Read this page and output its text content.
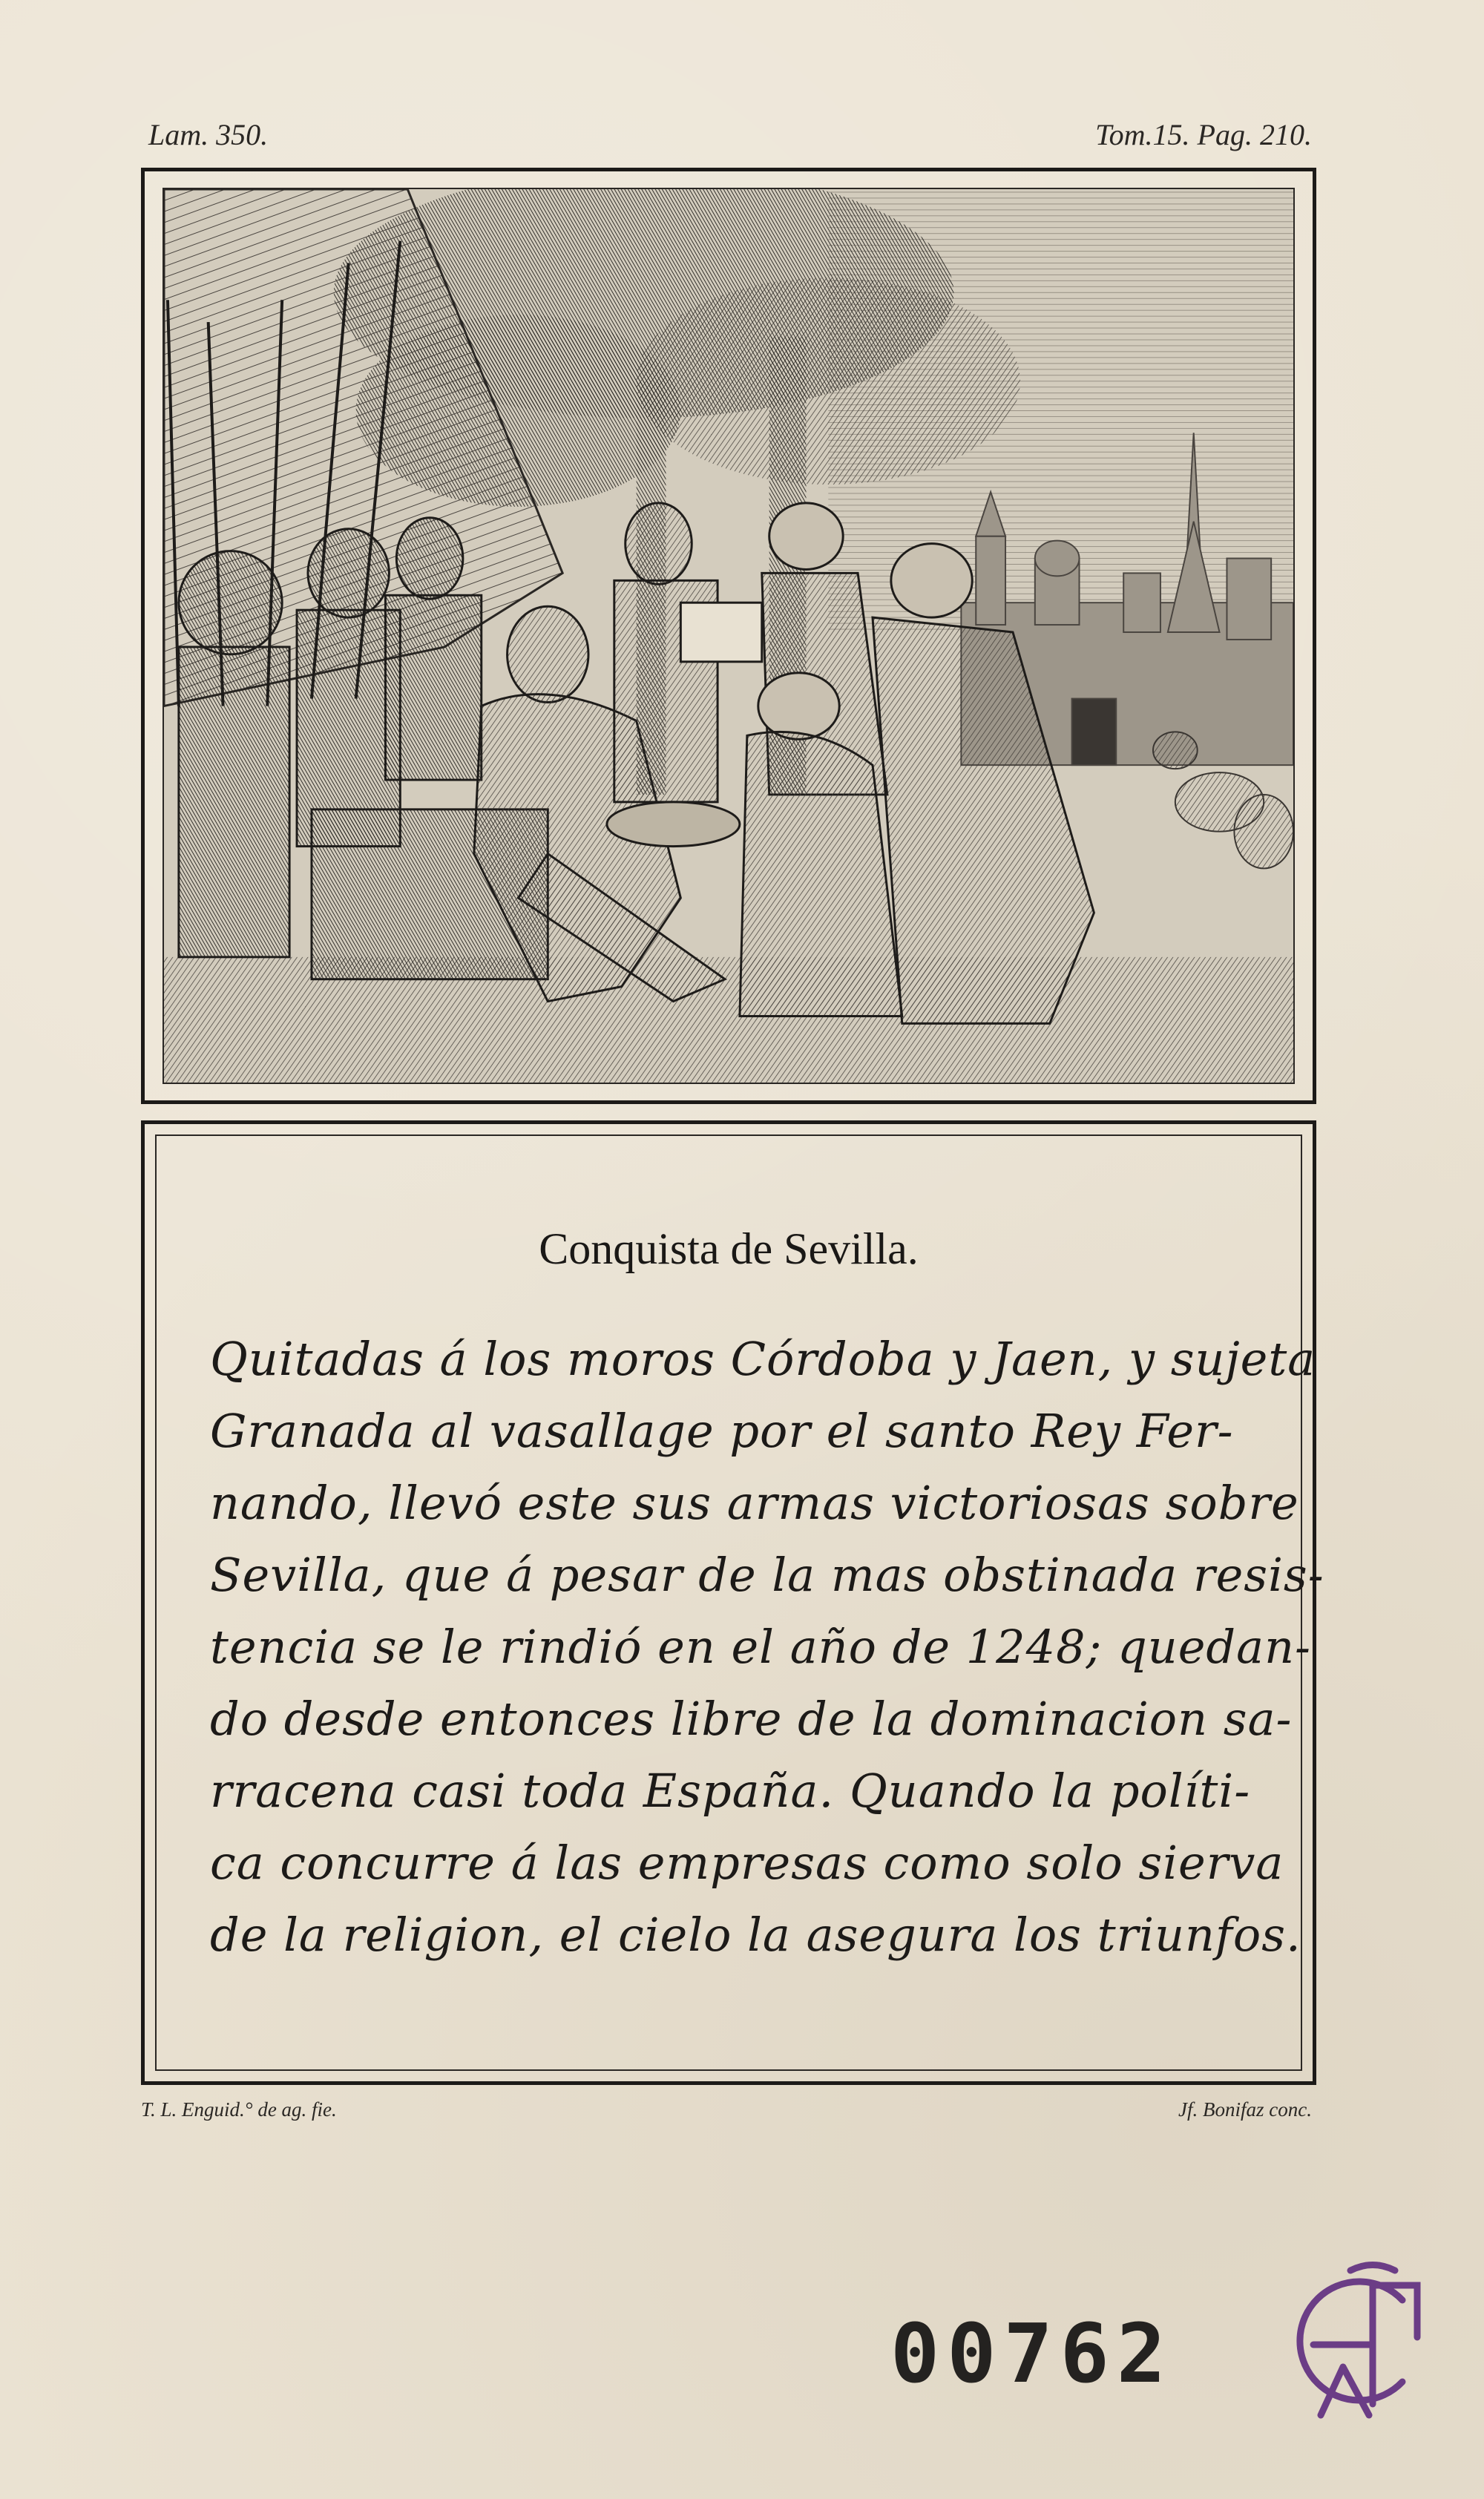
Lam. 350.	Tom.15. Pag. 210.
Conquista de Sevilla.
Quitadas á los moros Córdoba y Jaen, y sujeta
Granada al vasallage por el santo Rey Fer-
nando, llevó este sus armas victoriosas sobre
Sevilla, que á pesar de la mas obstinada resis-
tencia se le rindió en el año de 1248; quedan-
do desde entonces libre de la dominacion sa-
rracena casi toda España. Quando la políti-
ca concurre á las empresas como solo sierva
de la religion, el cielo la asegura los triunfos.
T. L. Enguid.° de ag. fie.	Jf. Bonifaz conc.
00762
